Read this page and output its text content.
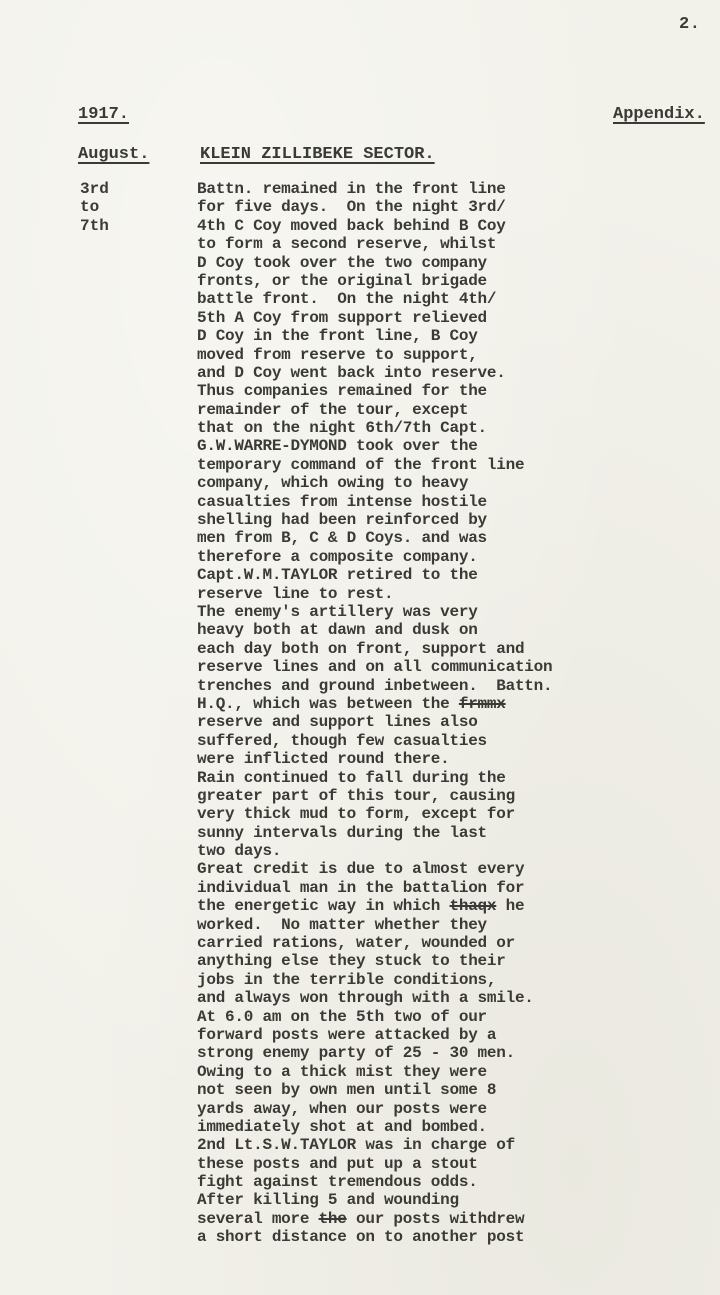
2.
1917.	Appendix.
August.	KLEIN ZILLIBEKE SECTOR.
3rd
to
7th
Battn. remained in the front line
for five days.  On the night 3rd/
4th C Coy moved back behind B Coy
to form a second reserve, whilst
D Coy took over the two company
fronts, or the original brigade
battle front.  On the night 4th/
5th A Coy from support relieved
D Coy in the front line, B Coy
moved from reserve to support,
and D Coy went back into reserve.
Thus companies remained for the
remainder of the tour, except
that on the night 6th/7th Capt.
G.W.WARRE-DYMOND took over the
temporary command of the front line
company, which owing to heavy
casualties from intense hostile
shelling had been reinforced by
men from B, C & D Coys. and was
therefore a composite company.
Capt.W.M.TAYLOR retired to the
reserve line to rest.
The enemy's artillery was very
heavy both at dawn and dusk on
each day both on front, support and
reserve lines and on all communication
trenches and ground inbetween.  Battn.
H.Q., which was between the frmmx
reserve and support lines also
suffered, though few casualties
were inflicted round there.
Rain continued to fall during the
greater part of this tour, causing
very thick mud to form, except for
sunny intervals during the last
two days.
Great credit is due to almost every
individual man in the battalion for
the energetic way in which thaqx he
worked.  No matter whether they
carried rations, water, wounded or
anything else they stuck to their
jobs in the terrible conditions,
and always won through with a smile.
At 6.0 am on the 5th two of our
forward posts were attacked by a
strong enemy party of 25 - 30 men.
Owing to a thick mist they were
not seen by own men until some 8
yards away, when our posts were
immediately shot at and bombed.
2nd Lt.S.W.TAYLOR was in charge of
these posts and put up a stout
fight against tremendous odds.
After killing 5 and wounding
several more the our posts withdrew
a short distance on to another post
